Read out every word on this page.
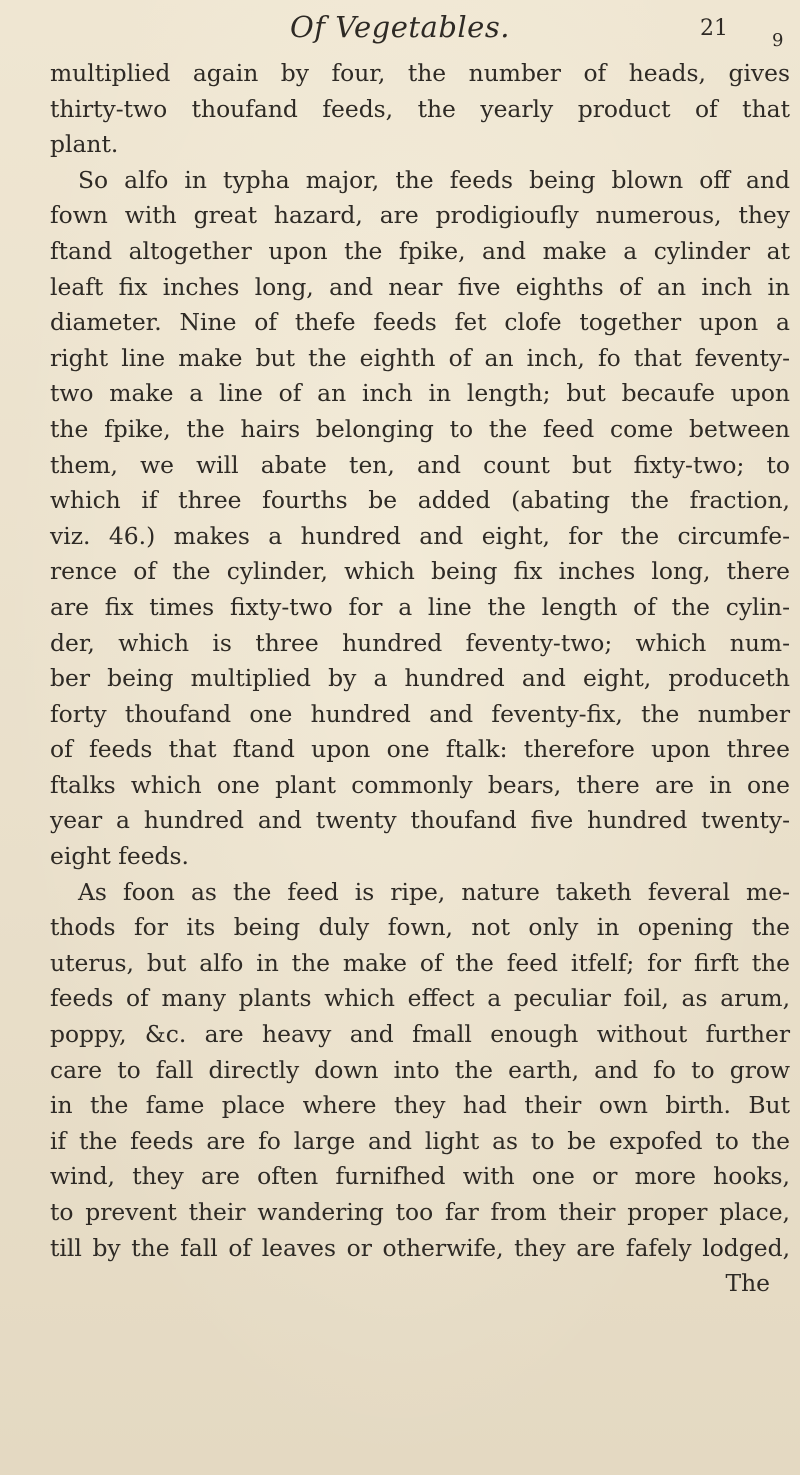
Of Vegetables.	21 9
multiplied again by four, the number of heads, gives
thirty-two thoufand feeds, the yearly product of that
plant.
So alfo in typha major, the feeds being blown off and
fown with great hazard, are prodigioufly numerous, they
ftand altogether upon the fpike, and make a cylinder at
leaft fix inches long, and near five eighths of an inch in
diameter. Nine of thefe feeds fet clofe together upon a
right line make but the eighth of an inch, fo that feventy-
two make a line of an inch in length; but becaufe upon
the fpike, the hairs belonging to the feed come between
them, we will abate ten, and count but fixty-two; to
which if three fourths be added (abating the fraction,
viz. 46.) makes a hundred and eight, for the circumfe-
rence of the cylinder, which being fix inches long, there
are fix times fixty-two for a line the length of the cylin-
der, which is three hundred feventy-two; which num-
ber being multiplied by a hundred and eight, produceth
forty thoufand one hundred and feventy-fix, the number
of feeds that ftand upon one ftalk: therefore upon three
ftalks which one plant commonly bears, there are in one
year a hundred and twenty thoufand five hundred twenty-
eight feeds.
As foon as the feed is ripe, nature taketh feveral me-
thods for its being duly fown, not only in opening the
uterus, but alfo in the make of the feed itfelf; for firft the
feeds of many plants which effect a peculiar foil, as arum,
poppy, &c. are heavy and fmall enough without further
care to fall directly down into the earth, and fo to grow
in the fame place where they had their own birth. But
if the feeds are fo large and light as to be expofed to the
wind, they are often furnifhed with one or more hooks,
to prevent their wandering too far from their proper place,
till by the fall of leaves or otherwife, they are fafely lodged,
The
